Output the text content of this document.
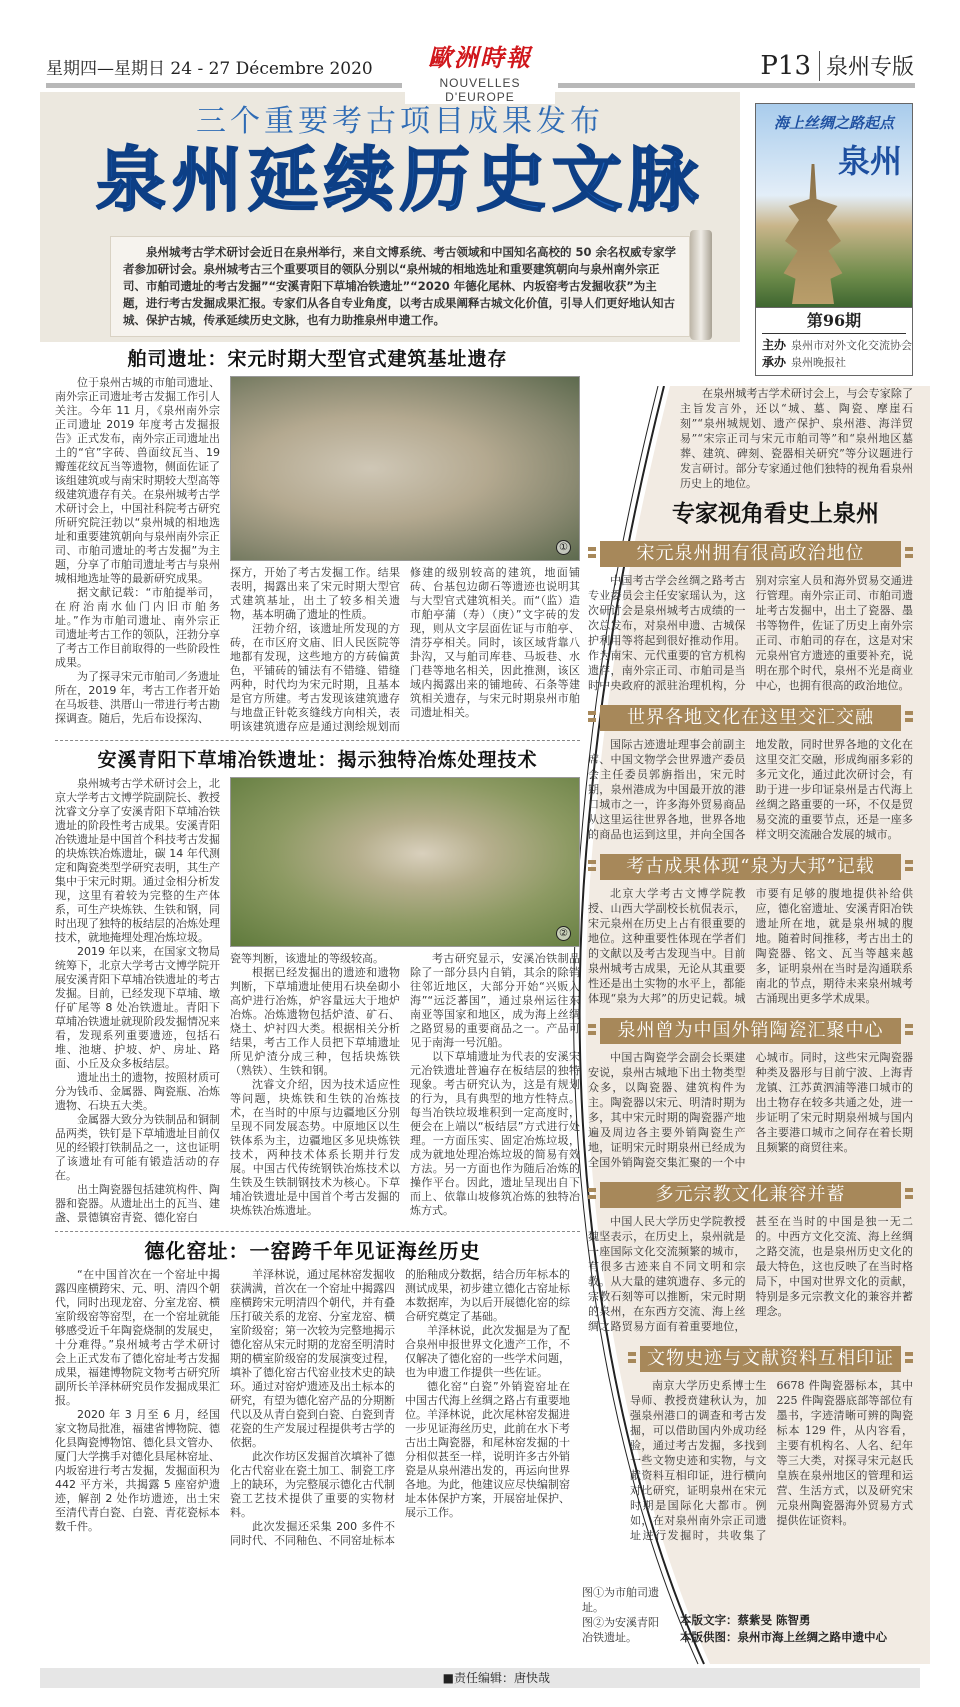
星期四—星期日 24 - 27 Décembre 2020	歐洲時報
NOUVELLES D'EUROPE
P13 泉州专版
三个重要考古项目成果发布
泉州延续历史文脉
泉州城考古学术研讨会近日在泉州举行，来自文博系统、考古领域和中国知名高校的 50 余名权威专家学者参加研讨会。泉州城考古三个重要项目的领队分别以“泉州城的相地选址和重要建筑朝向与泉州南外宗正司、市舶司遗址的考古发掘”“安溪青阳下草埔冶铁遗址”“2020 年德化尾林、内坂窑考古发掘收获”为主题，进行考古发掘成果汇报。专家们从各自专业角度，以考古成果阐释古城文化价值，引导人们更好地认知古城、保护古城，传承延续历史文脉，也有力助推泉州申遗工作。
海上丝绸之路起点
泉州
第96期
主办 泉州市对外文化交流协会
承办 泉州晚报社
舶司遗址：宋元时期大型官式建筑基址遗存

位于泉州古城的市舶司遗址、南外宗正司遗址考古发掘工作引人关注。今年 11 月，《泉州南外宗正司遗址 2019 年度考古发掘报告》正式发布，南外宗正司遗址出土的“官”字砖、兽面纹瓦当、19 瓣莲花纹瓦当等遗物，侧面佐证了该组建筑或与南宋时期较大型高等级建筑遗存有关。在泉州城考古学术研讨会上，中国社科院考古研究所研究院汪勃以“泉州城的相地选址和重要建筑朝向与泉州南外宗正司、市舶司遗址的考古发掘”为主题，分享了市舶司遗址考古与泉州城相地选址等的最新研究成果。

据文献记载：“市舶提举司，在府治南水仙门内旧市舶务址。”作为市舶司遗址、南外宗正司遗址考古工作的领队，汪勃分享了考古工作目前取得的一些阶段性成果。

为了探寻宋元市舶司／务遗址所在，2019 年，考古工作者开始在马坂巷、洪厝山一带进行考古勘探调查。随后，先后布设探沟、

①

探方，开始了考古发掘工作。结果表明，揭露出来了宋元时期大型官式建筑基址，出土了较多相关遗物，基本明确了遗址的性质。

汪勃介绍，该遗址所发现的方砖，在市区府文庙、旧人民医院等地都有发现，这些地方的方砖偏黄色，平铺砖的铺法有不错缝、错缝两种，时代均为宋元时期，且基本是官方所建。考古发现该建筑遗存与地盘正针乾亥缝线方向相关，表明该建筑遗存应是通过测绘规划而修建的级别较高的建筑，地面铺砖、台基包边砌石等遗迹也说明其与大型官式建筑相关。而“（监）造市舶亭蒲（寿）（庚）”文字砖的发现，则从文字层面佐证与市舶亭、清芬亭相关。同时，该区域背靠八卦沟，又与舶司库巷、马坂巷、水门巷等地名相关，因此推测，该区域内揭露出来的铺地砖、石条等建筑相关遗存，与宋元时期泉州市舶司遗址相关。

安溪青阳下草埔冶铁遗址：揭示独特冶炼处理技术

泉州城考古学术研讨会上，北京大学考古文博学院副院长、教授沈睿文分享了安溪青阳下草埔冶铁遗址的阶段性考古成果。安溪青阳冶铁遗址是中国首个科技考古发掘的块炼铁冶炼遗址，碳 14 年代测定和陶瓷类型学研究表明，其生产集中于宋元时期。通过金相分析发现，这里有着较为完整的生产体系，可生产块炼铁、生铁和钢，同时出现了独特的板结层的冶炼处理技术，就地掩埋处理冶炼垃圾。

2019 年以来，在国家文物局统筹下，北京大学考古文博学院开展安溪青阳下草埔冶铁遗址的考古发掘。目前，已经发现下草埔、墩仔矿尾等 8 处冶铁遗址。青阳下草埔冶铁遗址就现阶段发掘情况来看，发现系列重要遗迹，包括石堆、池塘、护坡、炉、房址、路面、小丘及众多板结层。

遗址出土的遗物，按照材质可分为钱币、金属器、陶瓷瓶、冶炼遗物、石块五大类。

金属器大致分为铁制品和铜制品两类，铁钉是下草埔遗址目前仅见的经锻打铁制品之一，这也证明了该遗址有可能有锻造活动的存在。

出土陶瓷器包括建筑构件、陶器和瓷器。从遗址出土的瓦当、建盏、景德镇窑青瓷、德化窑白

②

瓷等判断，该遗址的等级较高。

根据已经发掘出的遗迹和遗物判断，下草埔遗址使用石块垒砌小高炉进行冶炼，炉容量远大于地炉冶炼。冶炼遗物包括炉渣、矿石、烧土、炉衬四大类。根据相关分析结果，考古工作人员把下草埔遗址所见炉渣分成三种，包括块炼铁（熟铁）、生铁和钢。

沈睿文介绍，因为技术适应性等问题，块炼铁和生铁的冶炼技术，在当时的中原与边疆地区分别呈现不同发展态势。中原地区以生铁体系为主，边疆地区多见块炼铁技术，两种技术体系长期并行发展。中国古代传统钢铁冶炼技术以生铁及生铁制钢技术为核心。下草埔冶铁遗址是中国首个考古发掘的块炼铁冶炼遗址。

考古研究显示，安溪冶铁制品除了一部分县内自销，其余的除销往邻近地区，大部分开始“兴贩入海”“远泛蕃国”，通过泉州运往东南亚等国家和地区，成为海上丝绸之路贸易的重要商品之一。产品可见于南海一号沉船。

以下草埔遗址为代表的安溪宋元冶铁遗址普遍存在板结层的独特现象。考古研究认为，这是有规划的行为，具有典型的地方性特点。每当冶铁垃圾堆积到一定高度时，便会在上端以“板结层”方式进行处理。一方面压实、固定冶炼垃圾，成为就地处理冶炼垃圾的简易有效方法。另一方面也作为随后冶炼的操作平台。因此，遗址呈现出自下而上、依靠山坡修筑冶炼的独特冶炼方式。

德化窑址：一窑跨千年见证海丝历史

“在中国首次在一个窑址中揭露四座横跨宋、元、明、清四个朝代，同时出现龙窑、分室龙窑、横室阶级窑等窑型，在一个窑址就能够感受近千年陶瓷烧制的发展史，十分难得。”泉州城考古学术研讨会上正式发布了德化窑址考古发掘成果，福建博物院文物考古研究所副所长羊泽林研究员作发掘成果汇报。

2020 年 3 月至 6 月，经国家文物局批准，福建省博物院、德化县陶瓷博物馆、德化县文管办、厦门大学携手对德化县尾林窑址、内坂窑进行考古发掘，发掘面积为 442 平方米，共揭露 5 座窑炉遗迹，解剖 2 处作坊遗迹，出土宋至清代青白瓷、白瓷、青花瓷标本数千件。

羊泽林说，通过尾林窑发掘收获满满，首次在一个窑址中揭露四座横跨宋元明清四个朝代，并有叠压打破关系的龙窑、分室龙窑、横室阶级窑；第一次较为完整地揭示德化窑从宋元时期的龙窑至明清时期的横室阶级窑的发展演变过程，填补了德化窑古代窑业技术史的缺环。通过对窑炉遗迹及出土标本的研究，有望为德化窑产品的分期断代以及从青白瓷到白瓷、白瓷到青花瓷的生产发展过程提供考古学的依据。

此次作坊区发掘首次填补了德化古代窑业在瓷土加工、制瓷工序上的缺环，为完整展示德化古代制瓷工艺技术提供了重要的实物材料。

此次发掘还采集 200 多件不同时代、不同釉色、不同窑址标本的胎釉成分数据，结合历年标本的测试成果，初步建立德化古窑址标本数据库，为以后开展德化窑的综合研究奠定了基础。

羊泽林说，此次发掘是为了配合泉州申报世界文化遗产工作，不仅解决了德化窑的一些学术问题，也为申遗工作提供一些佐证。

德化窑“白瓷”外销瓷窑址在中国古代海上丝绸之路占有重要地位。羊泽林说，此次尾林窑发掘进一步见证海丝历史，此前在水下考古出土陶瓷器，和尾林窑发掘的十分相似甚至一样，说明许多古外销瓷是从泉州港出发的，再运向世界各地。为此，他建议应尽快编制窑址本体保护方案，开展窑址保护、展示工作。

在泉州城考古学术研讨会上，与会专家除了主旨发言外，还以“城、墓、陶瓷、摩崖石刻”“泉州城规划、遗产保护、泉州港、海洋贸易”“宋宗正司与宋元市舶司等”和“泉州地区墓葬、建筑、碑刻、瓷器相关研究”等分议题进行发言研讨。部分专家通过他们独特的视角看泉州历史上的地位。

专家视角看史上泉州
宋元泉州拥有很高政治地位

中国考古学会丝绸之路考古专业委员会主任安家瑶认为，这次研讨会是泉州城考古成绩的一次总发布，对泉州申遗、古城保护利用等将起到很好推动作用。作为南宋、元代重要的官方机构遗存，南外宗正司、市舶司是当时中央政府的派驻治理机构，分别对宗室人员和海外贸易交通进行管理。南外宗正司、市舶司遗址考古发掘中，出土了瓷器、墨书等物件，佐证了历史上南外宗正司、市舶司的存在，这是对宋元泉州官方遗迹的重要补充，说明在那个时代，泉州不光是商业中心，也拥有很高的政治地位。

世界各地文化在这里交汇交融

国际古迹遗址理事会前副主席、中国文物学会世界遗产委员会主任委员郭旃指出，宋元时期，泉州港成为中国最开放的港口城市之一，许多海外贸易商品从这里运往世界各地，世界各地的商品也运到这里，并向全国各地发散，同时世界各地的文化在这里交汇交融，形成绚丽多彩的多元文化，通过此次研讨会，有助于进一步印证泉州是古代海上丝绸之路重要的一环，不仅是贸易交流的重要节点，还是一座多样文明交流融合发展的城市。

考古成果体现“泉为大邦”记载

北京大学考古文博学院教授、山西大学副校长杭侃表示，宋元泉州在历史上占有很重要的地位。这种重要性体现在学者们的文献以及考古发现当中。目前泉州城考古成果，无论从其重要性还是出土实物的水平上，都能体现“泉为大邦”的历史记载。城市要有足够的腹地提供补给供应，德化窑遗址、安溪青阳冶铁遗址所在地，就是泉州城的腹地。随着时间推移，考古出土的陶瓷器、铭文、瓦当等越来越多，证明泉州在当时是沟通联系南北的节点，期待未来泉州城考古涌现出更多学术成果。

泉州曾为中国外销陶瓷汇聚中心

中国古陶瓷学会副会长栗建安说，泉州古城地下出土物类型众多，以陶瓷器、建筑构件为主。陶瓷器以宋元、明清时期为多，其中宋元时期的陶瓷器产地遍及周边各主要外销陶瓷生产地，证明宋元时期泉州已经成为全国外销陶瓷交集汇聚的一个中心城市。同时，这些宋元陶瓷器种类及器形与目前宁波、上海青龙镇、江苏黄泗浦等港口城市的出土物存在较多共通之处，进一步证明了宋元时期泉州城与国内各主要港口城市之间存在着长期且频繁的商贸往来。

多元宗教文化兼容并蓄

中国人民大学历史学院教授魏坚表示，在历史上，泉州就是一座国际文化交流频繁的城市，有很多古迹来自不同文明和宗教。从大量的建筑遗存、多元的宗教石刻等可以推断，宋元时期的泉州，在东西方交流、海上丝绸之路贸易方面有着重要地位，甚至在当时的中国是独一无二的。中西方文化交流、海上丝绸之路交流，也是泉州历史文化的最大特色，这也反映了在当时格局下，中国对世界文化的贡献，特别是多元宗教文化的兼容并蓄理念。

文物史迹与文献资料互相印证

南京大学历史系博士生导师、教授贲建秋认为，加强泉州港口的调查和考古发掘，可以借助国内外成功经验，通过考古发掘，多找到一些文物史迹和实物，与文献资料互相印证，进行横向对比研究，证明泉州在宋元时期是国际化大都市。例如，在对泉州南外宗正司遗址进行发掘时，共收集了 6678 件陶瓷器标本，其中 225 件陶瓷器底部等部位有墨书，字迹清晰可辨的陶瓷标本 129 件，从内容看，主要有机构名、人名、纪年等三大类，对探寻宋元赵氏皇族在泉州地区的管理和运营、生活方式，以及研究宋元泉州陶瓷器海外贸易方式提供佐证资料。

图①为市舶司遗址。
图②为安溪青阳冶铁遗址。
本版文字：蔡紫旻 陈智勇
本版供图：泉州市海上丝绸之路申遗中心
■责任编辑：唐快哉
